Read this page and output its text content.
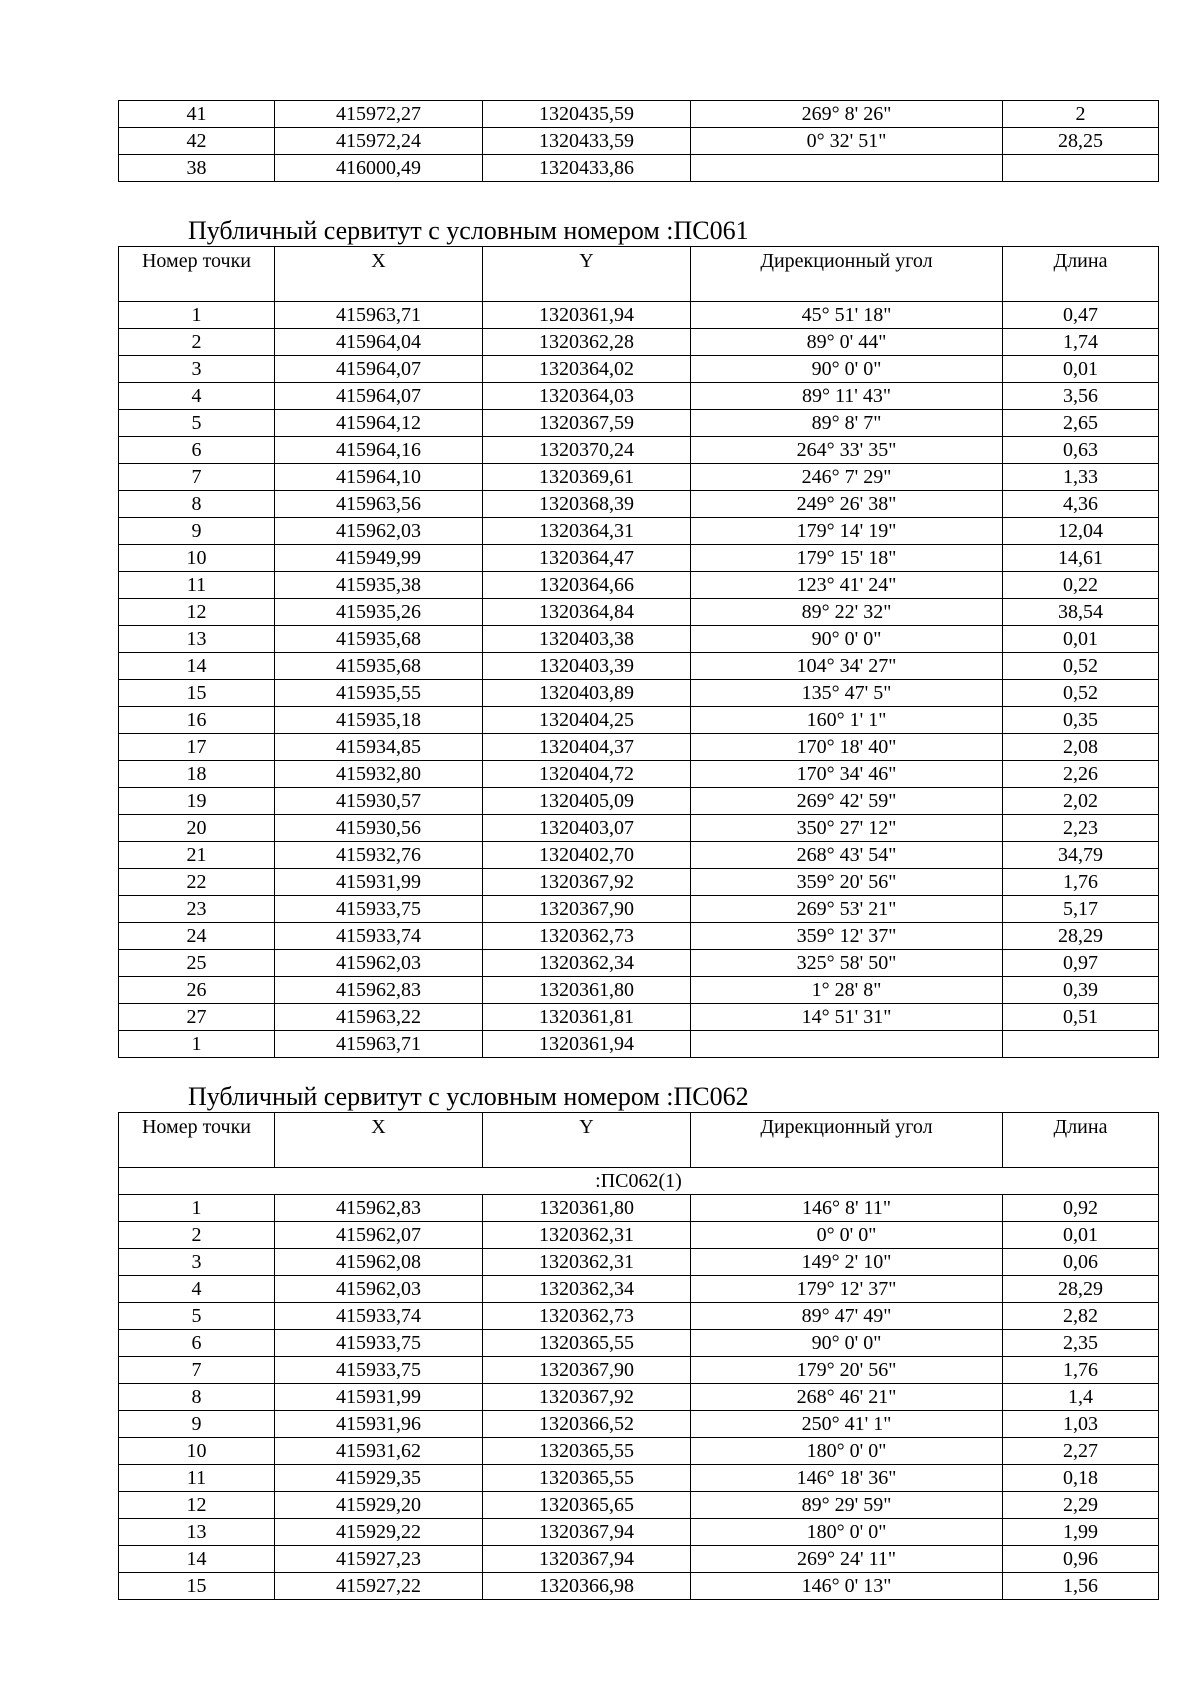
41	415972,27	1320435,59	269° 8' 26"	2
42	415972,24	1320433,59	0° 32' 51"	28,25
38	416000,49	1320433,86		
Публичный сервитут с условным номером :ПС061
Номер точки	X	Y	Дирекционный угол	Длина
1	415963,71	1320361,94	45° 51' 18"	0,47
2	415964,04	1320362,28	89° 0' 44"	1,74
3	415964,07	1320364,02	90° 0' 0"	0,01
4	415964,07	1320364,03	89° 11' 43"	3,56
5	415964,12	1320367,59	89° 8' 7"	2,65
6	415964,16	1320370,24	264° 33' 35"	0,63
7	415964,10	1320369,61	246° 7' 29"	1,33
8	415963,56	1320368,39	249° 26' 38"	4,36
9	415962,03	1320364,31	179° 14' 19"	12,04
10	415949,99	1320364,47	179° 15' 18"	14,61
11	415935,38	1320364,66	123° 41' 24"	0,22
12	415935,26	1320364,84	89° 22' 32"	38,54
13	415935,68	1320403,38	90° 0' 0"	0,01
14	415935,68	1320403,39	104° 34' 27"	0,52
15	415935,55	1320403,89	135° 47' 5"	0,52
16	415935,18	1320404,25	160° 1' 1"	0,35
17	415934,85	1320404,37	170° 18' 40"	2,08
18	415932,80	1320404,72	170° 34' 46"	2,26
19	415930,57	1320405,09	269° 42' 59"	2,02
20	415930,56	1320403,07	350° 27' 12"	2,23
21	415932,76	1320402,70	268° 43' 54"	34,79
22	415931,99	1320367,92	359° 20' 56"	1,76
23	415933,75	1320367,90	269° 53' 21"	5,17
24	415933,74	1320362,73	359° 12' 37"	28,29
25	415962,03	1320362,34	325° 58' 50"	0,97
26	415962,83	1320361,80	1° 28' 8"	0,39
27	415963,22	1320361,81	14° 51' 31"	0,51
1	415963,71	1320361,94		
Публичный сервитут с условным номером :ПС062
Номер точки	X	Y	Дирекционный угол	Длина
:ПС062(1)				
1	415962,83	1320361,80	146° 8' 11"	0,92
2	415962,07	1320362,31	0° 0' 0"	0,01
3	415962,08	1320362,31	149° 2' 10"	0,06
4	415962,03	1320362,34	179° 12' 37"	28,29
5	415933,74	1320362,73	89° 47' 49"	2,82
6	415933,75	1320365,55	90° 0' 0"	2,35
7	415933,75	1320367,90	179° 20' 56"	1,76
8	415931,99	1320367,92	268° 46' 21"	1,4
9	415931,96	1320366,52	250° 41' 1"	1,03
10	415931,62	1320365,55	180° 0' 0"	2,27
11	415929,35	1320365,55	146° 18' 36"	0,18
12	415929,20	1320365,65	89° 29' 59"	2,29
13	415929,22	1320367,94	180° 0' 0"	1,99
14	415927,23	1320367,94	269° 24' 11"	0,96
15	415927,22	1320366,98	146° 0' 13"	1,56
